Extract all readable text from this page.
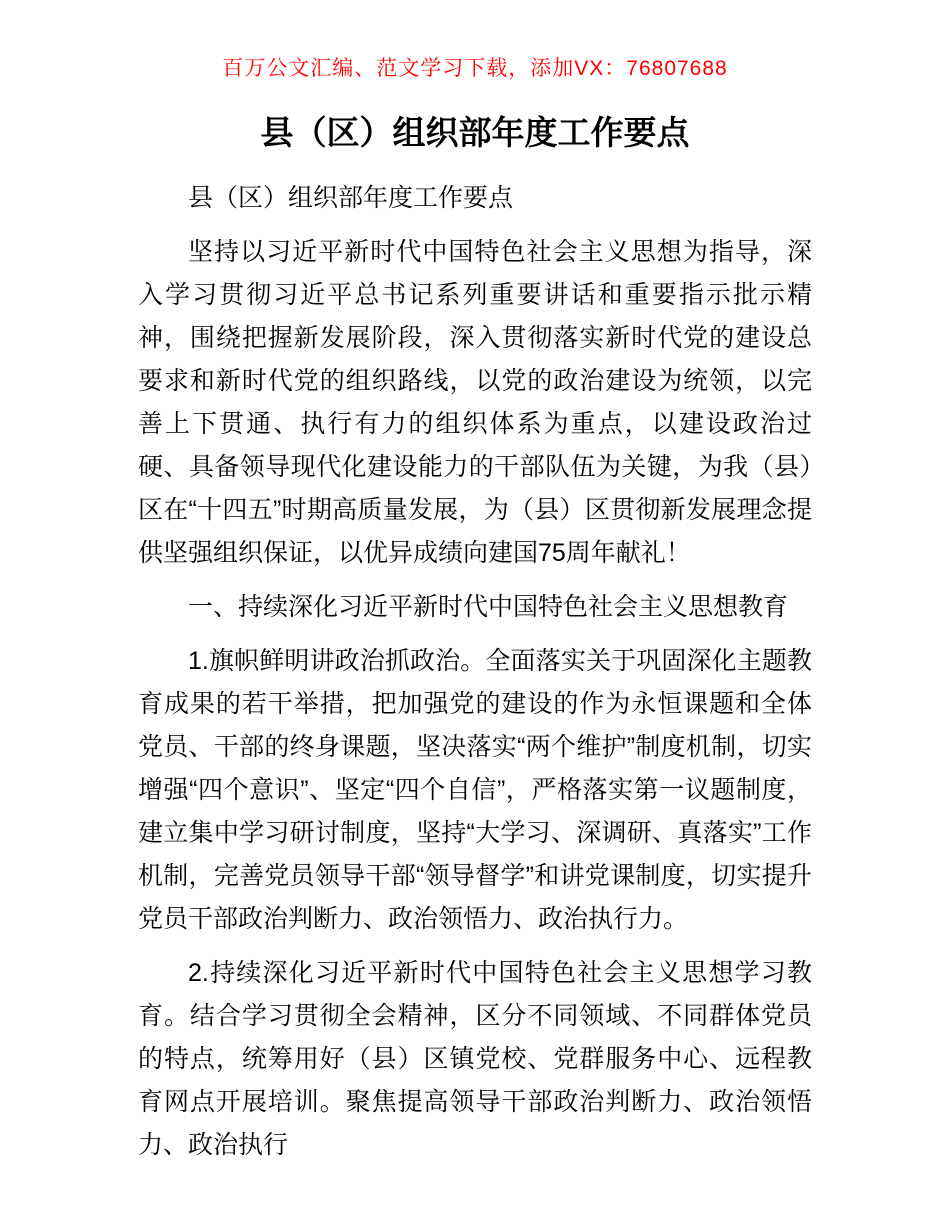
百万公文汇编、范文学习下载，添加VX：76807688
县（区）组织部年度工作要点

县（区）组织部年度工作要点

坚持以习近平新时代中国特色社会主义思想为指导，深入学习贯彻习近平总书记系列重要讲话和重要指示批示精神，围绕把握新发展阶段，深入贯彻落实新时代党的建设总要求和新时代党的组织路线，以党的政治建设为统领，以完善上下贯通、执行有力的组织体系为重点，以建设政治过硬、具备领导现代化建设能力的干部队伍为关键，为我（县）区在“十四五”时期高质量发展，为（县）区贯彻新发展理念提供坚强组织保证，以优异成绩向建国75周年献礼！

一、持续深化习近平新时代中国特色社会主义思想教育

1.旗帜鲜明讲政治抓政治。全面落实关于巩固深化主题教育成果的若干举措，把加强党的建设的作为永恒课题和全体党员、干部的终身课题，坚决落实“两个维护”制度机制，切实增强“四个意识”、坚定“四个自信”，严格落实第一议题制度，建立集中学习研讨制度，坚持“大学习、深调研、真落实”工作机制，完善党员领导干部“领导督学”和讲党课制度，切实提升党员干部政治判断力、政治领悟力、政治执行力。

2.持续深化习近平新时代中国特色社会主义思想学习教育。结合学习贯彻全会精神，区分不同领域、不同群体党员的特点，统筹用好（县）区镇党校、党群服务中心、远程教育网点开展培训。聚焦提高领导干部政治判断力、政治领悟力、政治执行
